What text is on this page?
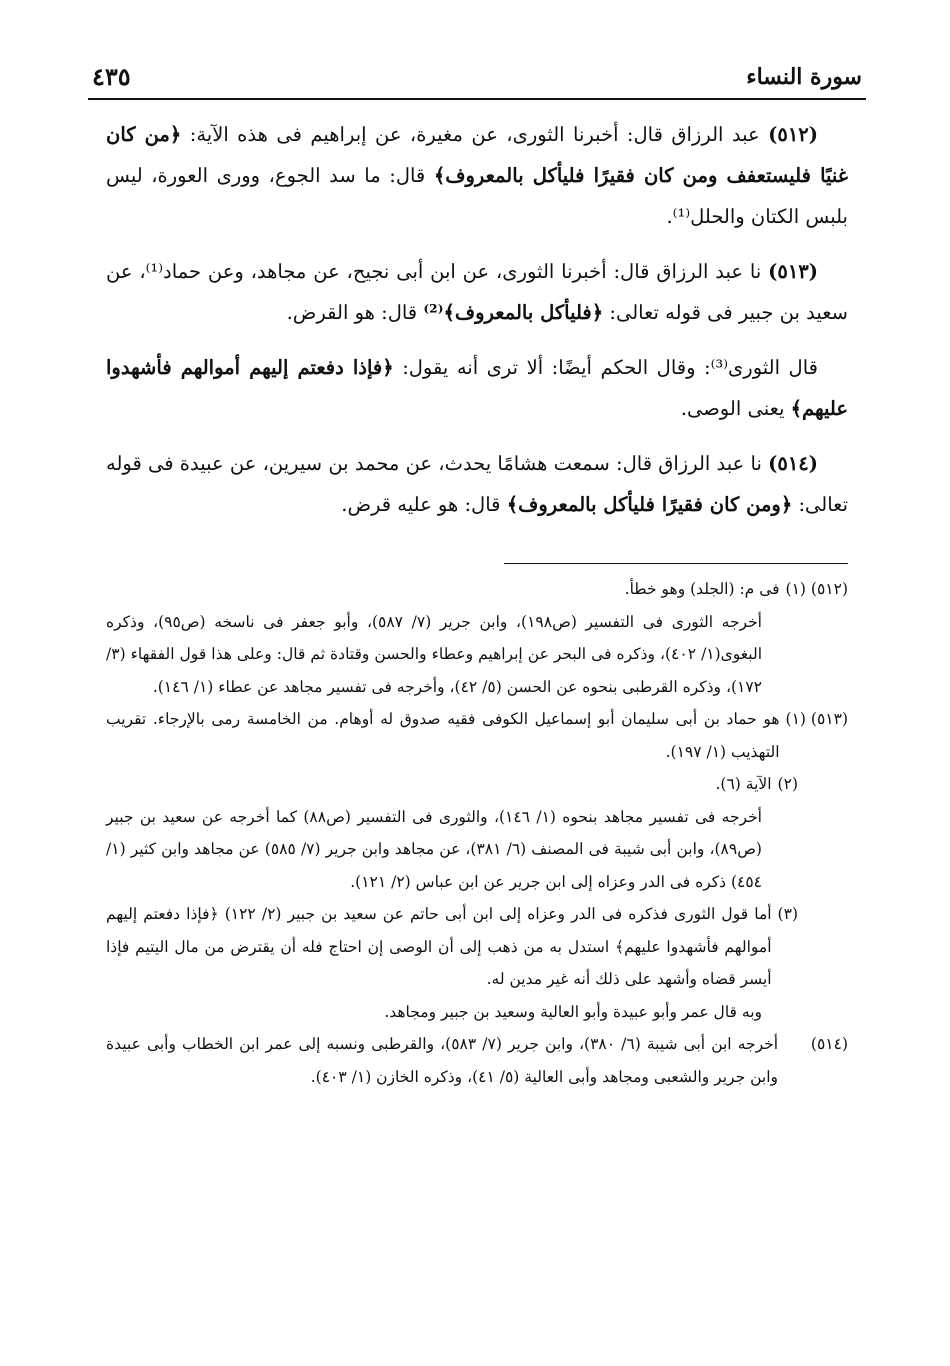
سورة النساء
٤٣٥

(٥١٢) عبد الرزاق قال: أخبرنا الثورى، عن مغيرة، عن إبراهيم فى هذه الآية: ﴿من كان غنيًا فليستعفف ومن كان فقيرًا فليأكل بالمعروف﴾ قال: ما سد الجوع، وورى العورة، ليس بلبس الكتان والحلل⁽¹⁾.

(٥١٣) نا عبد الرزاق قال: أخبرنا الثورى، عن ابن أبى نجيح، عن مجاهد، وعن حماد⁽¹⁾، عن سعيد بن جبير فى قوله تعالى: ﴿فليأكل بالمعروف﴾⁽²⁾ قال: هو القرض.

قال الثورى⁽³⁾: وقال الحكم أيضًا: ألا ترى أنه يقول: ﴿فإذا دفعتم إليهم أموالهم فأشهدوا عليهم﴾ يعنى الوصى.

(٥١٤) نا عبد الرزاق قال: سمعت هشامًا يحدث، عن محمد بن سيرين، عن عبيدة فى قوله تعالى: ﴿ومن كان فقيرًا فليأكل بالمعروف﴾ قال: هو عليه قرض.

(٥١٢) (١)
فى م: (الجلد) وهو خطأ.

أخرجه الثورى فى التفسير (ص١٩٨)، وابن جرير (٧/ ٥٨٧)، وأبو جعفر فى ناسخه (ص٩٥)، وذكره البغوى(١/ ٤٠٢)، وذكره فى البحر عن إبراهيم وعطاء والحسن وقتادة ثم قال: وعلى هذا قول الفقهاء (٣/ ١٧٢)، وذكره القرطبى بنحوه عن الحسن (٥/ ٤٢)، وأخرجه فى تفسير مجاهد عن عطاء (١/ ١٤٦).

(٥١٣) (١)
هو حماد بن أبى سليمان أبو إسماعيل الكوفى فقيه صدوق له أوهام. من الخامسة رمى بالإرجاء. تقريب التهذيب (١/ ١٩٧).
(٢)
الآية (٦).

أخرجه فى تفسير مجاهد بنحوه (١/ ١٤٦)، والثورى فى التفسير (ص٨٨) كما أخرجه عن سعيد بن جبير (ص٨٩)، وابن أبى شيبة فى المصنف (٦/ ٣٨١)، عن مجاهد وابن جرير (٧/ ٥٨٥) عن مجاهد وابن كثير (١/ ٤٥٤) ذكره فى الدر وعزاه إلى ابن جرير عن ابن عباس (٢/ ١٢١).

(٣)
أما قول الثورى فذكره فى الدر وعزاه إلى ابن أبى حاتم عن سعيد بن جبير (٢/ ١٢٢) ﴿فإذا دفعتم إليهم أموالهم فأشهدوا عليهم﴾ استدل به من ذهب إلى أن الوصى إن احتاج فله أن يقترض من مال اليتيم فإذا أيسر قضاه وأشهد على ذلك أنه غير مدين له.

وبه قال عمر وأبو عبيدة وأبو العالية وسعيد بن جبير ومجاهد.

(٥١٤)
أخرجه ابن أبى شيبة (٦/ ٣٨٠)، وابن جرير (٧/ ٥٨٣)، والقرطبى ونسبه إلى عمر ابن الخطاب وأبى عبيدة وابن جرير والشعبى ومجاهد وأبى العالية (٥/ ٤١)، وذكره الخازن (١/ ٤٠٣).
